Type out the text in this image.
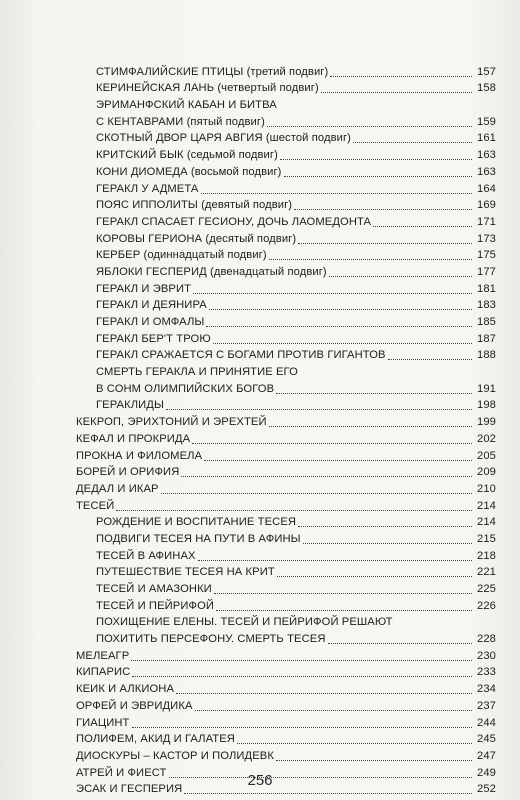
СТИМФАЛИЙСКИЕ ПТИЦЫ (третий подвиг)	157
КЕРИНЕЙСКАЯ ЛАНЬ (четвертый подвиг)	158
ЭРИМАНФСКИЙ КАБАН И БИТВА
С КЕНТАВРАМИ (пятый подвиг)	159
СКОТНЫЙ ДВОР ЦАРЯ АВГИЯ (шестой подвиг)	161
КРИТСКИЙ БЫК (седьмой подвиг)	163
КОНИ ДИОМЕДА (восьмой подвиг)	163
ГЕРАКЛ У АДМЕТА	164
ПОЯС ИППОЛИТЫ (девятый подвиг)	169
ГЕРАКЛ СПАСАЕТ ГЕСИОНУ, ДОЧЬ ЛАОМЕДОНТА	171
КОРОВЫ ГЕРИОНА (десятый подвиг)	173
КЕРБЕР (одиннадцатый подвиг)	175
ЯБЛОКИ ГЕСПЕРИД (двенадцатый подвиг)	177
ГЕРАКЛ И ЭВРИТ	181
ГЕРАКЛ И ДЕЯНИРА	183
ГЕРАКЛ И ОМФАЛЫ	185
ГЕРАКЛ БЕР'Т ТРОЮ	187
ГЕРАКЛ СРАЖАЕТСЯ С БОГАМИ ПРОТИВ ГИГАНТОВ	188
СМЕРТЬ ГЕРАКЛА И ПРИНЯТИЕ ЕГО
В СОНМ ОЛИМПИЙСКИХ БОГОВ	191
ГЕРАКЛИДЫ	198
КЕКРОП, ЭРИХТОНИЙ И ЭРЕХТЕЙ	199
КЕФАЛ И ПРОКРИДА	202
ПРОКНА И ФИЛОМЕЛА	205
БОРЕЙ И ОРИФИЯ	209
ДЕДАЛ И ИКАР	210
ТЕСЕЙ	214
РОЖДЕНИЕ И ВОСПИТАНИЕ ТЕСЕЯ	214
ПОДВИГИ ТЕСЕЯ НА ПУТИ В АФИНЫ	215
ТЕСЕЙ В АФИНАХ	218
ПУТЕШЕСТВИЕ ТЕСЕЯ НА КРИТ	221
ТЕСЕЙ И АМАЗОНКИ	225
ТЕСЕЙ И ПЕЙРИФОЙ	226
ПОХИЩЕНИЕ ЕЛЕНЫ. ТЕСЕЙ И ПЕЙРИФОЙ РЕШАЮТ
ПОХИТИТЬ ПЕРСЕФОНУ. СМЕРТЬ ТЕСЕЯ	228
МЕЛЕАГР	230
КИПАРИС	233
КЕИК И АЛКИОНА	234
ОРФЕЙ И ЭВРИДИКА	237
ГИАЦИНТ	244
ПОЛИФЕМ, АКИД И ГАЛАТЕЯ	245
ДИОСКУРЫ – КАСТОР И ПОЛИДЕВК	247
АТРЕЙ И ФИЕСТ	249
ЭСАК И ГЕСПЕРИЯ	252
256
